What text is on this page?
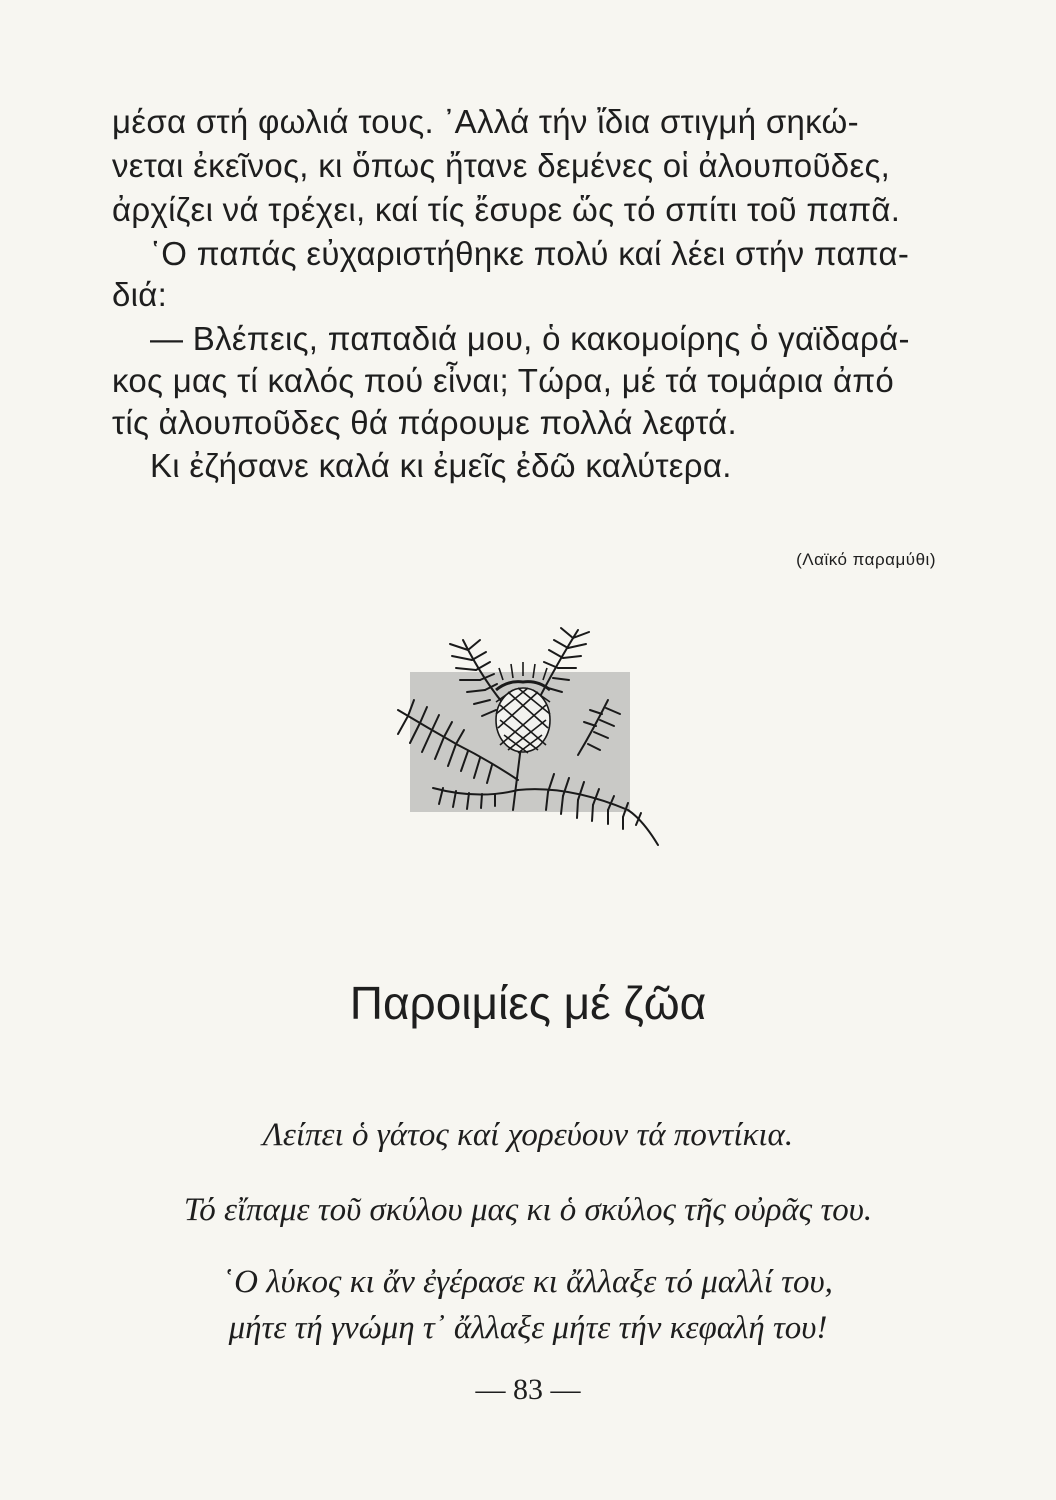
μέσα στή φωλιά τους. ᾿Αλλά τήν ἴδια στιγμή σηκώ-
νεται ἐκεῖνος, κι ὅπως ἤτανε δεμένες οἱ ἀλουποῦδες,
ἀρχίζει νά τρέχει, καί τίς ἔσυρε ὥς τό σπίτι τοῦ παπᾶ.
῾Ο παπάς εὐχαριστήθηκε πολύ καί λέει στήν παπα-
διά:
— Βλέπεις, παπαδιά μου, ὁ κακομοίρης ὁ γαϊδαρά-
κος μας τί καλός πού εἶναι; Τώρα, μέ τά τομάρια ἀπό
τίς ἀλουποῦδες θά πάρουμε πολλά λεφτά.
Κι ἐζήσανε καλά κι ἐμεῖς ἐδῶ καλύτερα.
(Λαϊκό παραμύθι)
Παροιμίες μέ ζῶα
Λείπει ὁ γάτος καί χορεύουν τά ποντίκια.
Τό εἴπαμε τοῦ σκύλου μας κι ὁ σκύλος τῆς οὐρᾶς του.
῾Ο λύκος κι ἄν ἐγέρασε κι ἄλλαξε τό μαλλί του,
μήτε τή γνώμη τ᾿ ἄλλαξε μήτε τήν κεφαλή του!
— 83 —
